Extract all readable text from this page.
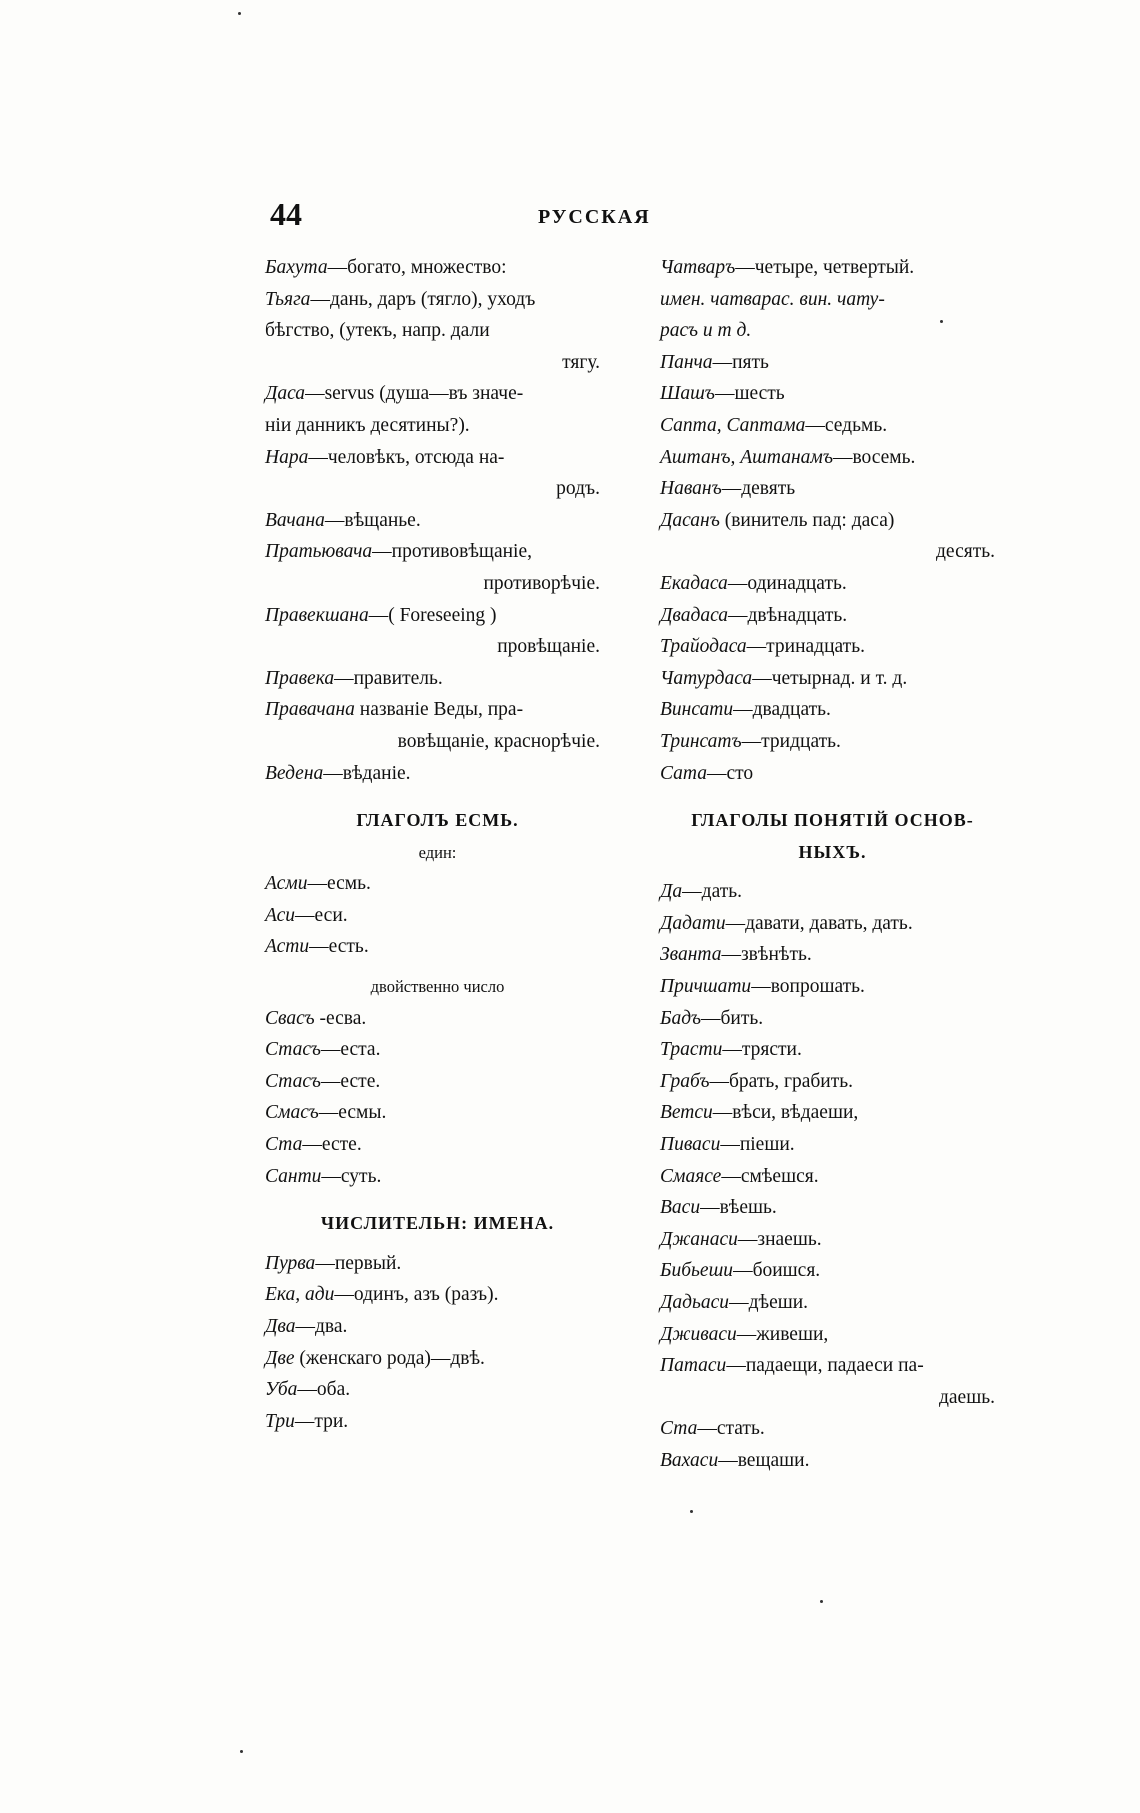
44	РУССКАЯ
Бахута—богато, множество:
Тьяга—дань, даръ (тягло), уходъ
бѣгство, (утекъ, напр. дали
тягу.
Даса—servus (душа—въ значе-
ніи данникъ десятины?).
Нара—человѣкъ, отсюда на-
родъ.
Вачана—вѣщанье.
Пратьювача—противовѣщаніе,
противорѣчіе.
Правекшана—( Foreseeing )
провѣщаніе.
Правека—правитель.
Правачана названіе Веды, пра-
вовѣщаніе, краснорѣчіе.
Ведена—вѣданіе.
ГЛАГОЛЪ ЕСМЬ.
един:
Асми—есмь.
Аси—еси.
Асти—есть.
двойственно число
Свасъ -есва.
Стасъ—еста.
Стасъ—есте.
Смасъ—есмы.
Ста—есте.
Санти—суть.
ЧИСЛИТЕЛЬН: ИМЕНА.
Пурва—первый.
Ека, ади—одинъ, азъ (разъ).
Два—два.
Две (женскаго рода)—двѣ.
Уба—оба.
Три—три.
Чатваръ—четыре, четвертый.
имен. чатварас. вин. чату-
расъ и т д.
Панча—пять
Шашъ—шесть
Сапта, Саптама—седьмь.
Аштанъ, Аштанамъ—восемь.
Наванъ—девять
Дасанъ (винитель пад: даса)
десять.
Екадаса—одинадцать.
Двадаса—двѣнадцать.
Трайодаса—тринадцать.
Чатурдаса—четырнад. и т. д.
Винсати—двадцать.
Тринсатъ—тридцать.
Сата—сто
ГЛАГОЛЫ ПОНЯТІЙ ОСНОВ-
НЫХЪ.
Да—дать.
Дадати—давати, давать, дать.
Званта—звѣнѣть.
Причшати—вопрошать.
Бадъ—бить.
Трасти—трясти.
Грабъ—брать, грабить.
Ветси—вѣси, вѣдаеши,
Пиваси—піеши.
Смаясе—смѣешся.
Васи—вѣешь.
Джанаси—знаешь.
Бибьеши—боишся.
Дадьаси—дѣеши.
Дживаси—живеши,
Патаси—падаещи, падаеси па-
даешь.
Ста—стать.
Вахаси—вещаши.
